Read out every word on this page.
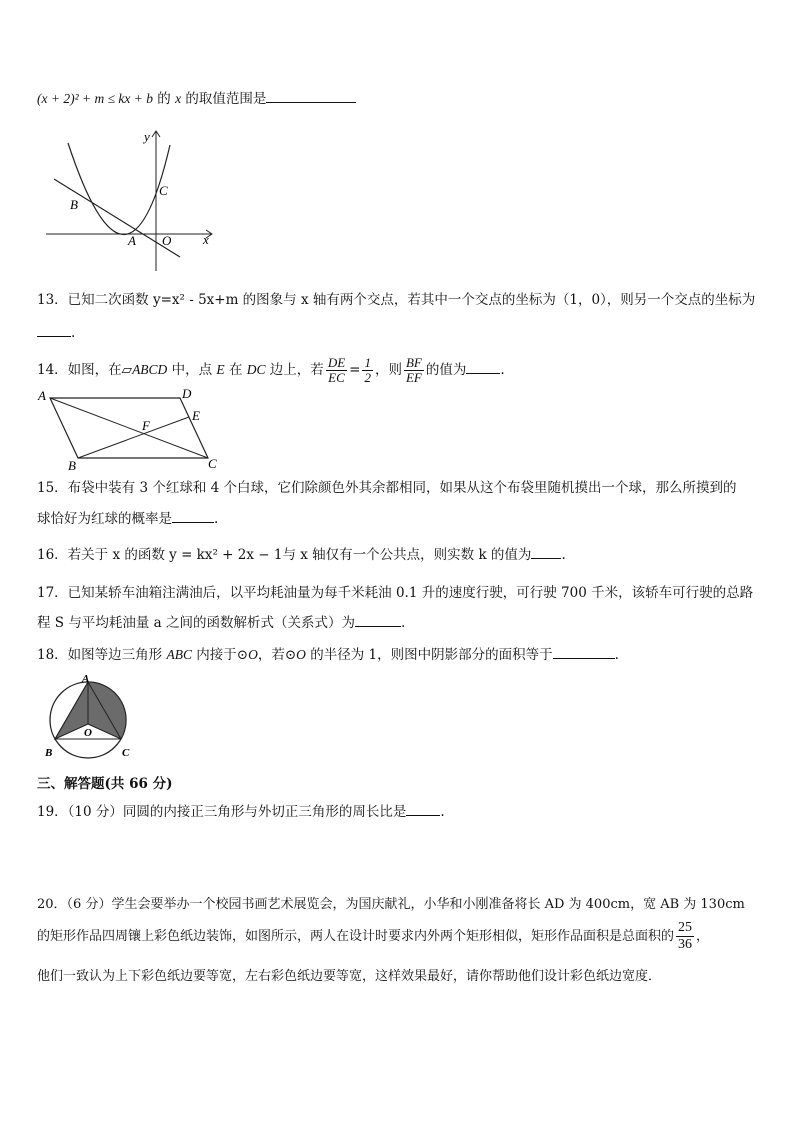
(x + 2)² + m ≤ kx + b 的 x 的取值范围是
y
x
B
C
A O
13．已知二次函数 y=x² - 5x+m 的图象与 x 轴有两个交点，若其中一个交点的坐标为（1，0），则另一个交点的坐标为
.
14．如图，在▱ABCD 中，点 E 在 DC 边上，若 $\frac{DE}{EC} = \frac{1}{2}$ ，则 $\frac{BF}{EF}$ 的值为	.
A	D
E
F
B	C
15．布袋中装有 3 个红球和 4 个白球，它们除颜色外其余都相同，如果从这个布袋里随机摸出一个球，那么所摸到的
球恰好为红球的概率是	.
16．若关于 x 的函数 y = kx² + 2x − 1与 x 轴仅有一个公共点，则实数 k 的值为 .
17．已知某轿车油箱注满油后，以平均耗油量为每千米耗油 0.1 升的速度行驶，可行驶 700 千米，该轿车可行驶的总路
程 S 与平均耗油量 a 之间的函数解析式（关系式）为	.
18．如图等边三角形 ABC 内接于⊙O，若⊙O 的半径为 1，则图中阴影部分的面积等于	.
A
B	C
O
三、解答题(共 66 分)
19．（10 分）同圆的内接正三角形与外切正三角形的周长比是	.
20．（6 分）学生会要举办一个校园书画艺术展览会，为国庆献礼，小华和小刚准备将长 AD 为 400cm，宽 AB 为 130cm
的矩形作品四周镶上彩色纸边装饰，如图所示，两人在设计时要求内外两个矩形相似，矩形作品面积是总面积的 $\frac{25}{36}$ ，
他们一致认为上下彩色纸边要等宽，左右彩色纸边要等宽，这样效果最好，请你帮助他们设计彩色纸边宽度．
